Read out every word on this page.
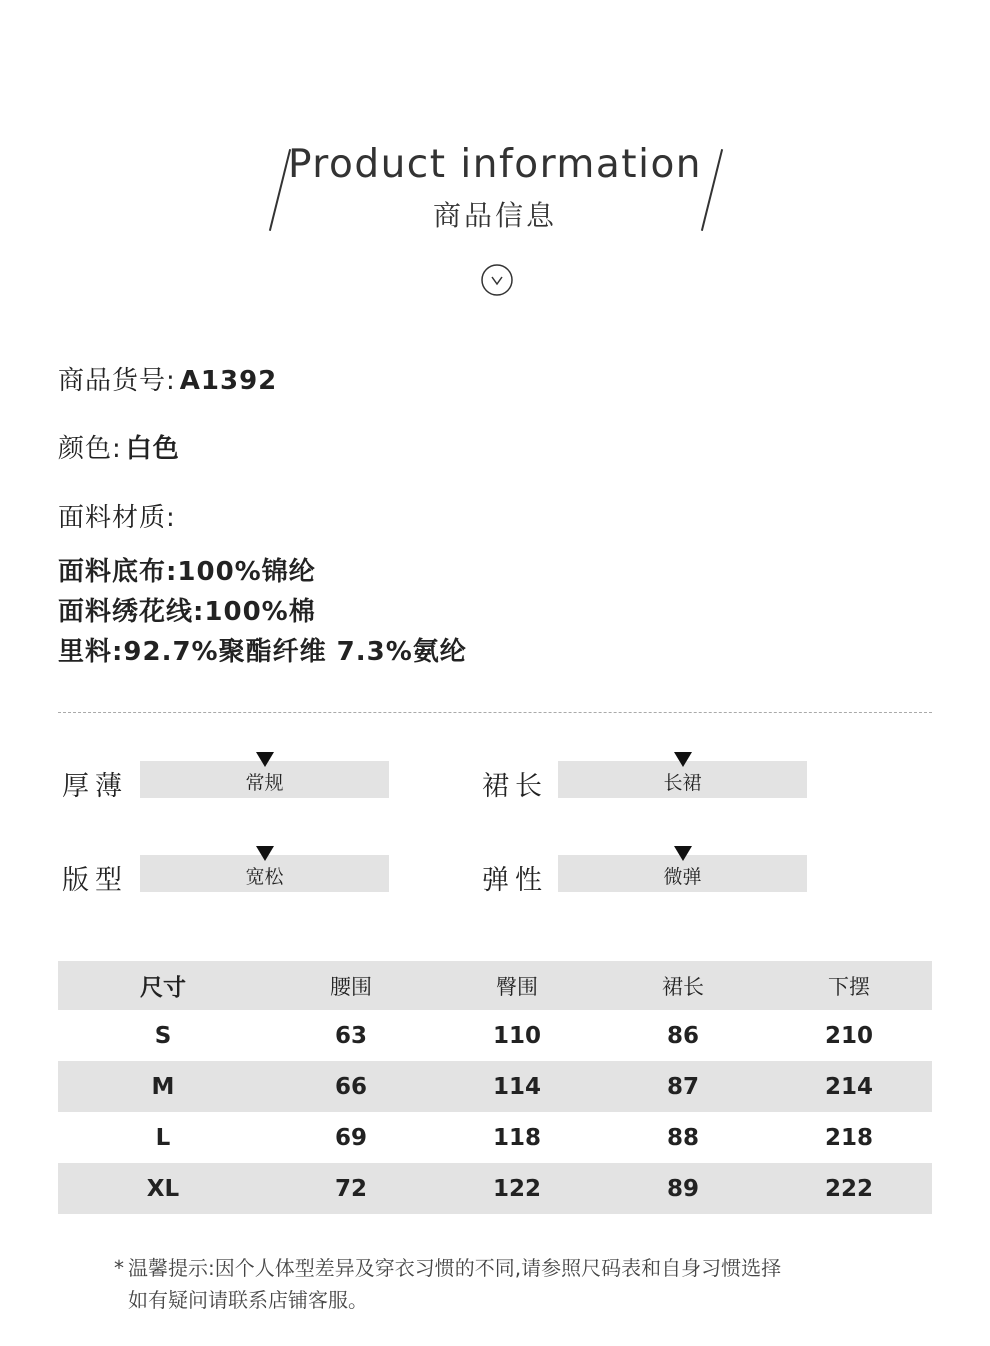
Product information
商品信息
商品货号: A1392
颜色: 白色
面料材质:
面料底布:100%锦纶
面料绣花线:100%棉
里料:92.7%聚酯纤维 7.3%氨纶
厚薄	常规	裙长	长裙
版型	宽松	弹性	微弹
尺寸	腰围	臀围	裙长	下摆
S	63	110	86	210
M	66	114	87	214
L	69	118	88	218
XL	72	122	89	222
* 温馨提示:因个人体型差异及穿衣习惯的不同,请参照尺码表和自身习惯选择
如有疑问请联系店铺客服。
